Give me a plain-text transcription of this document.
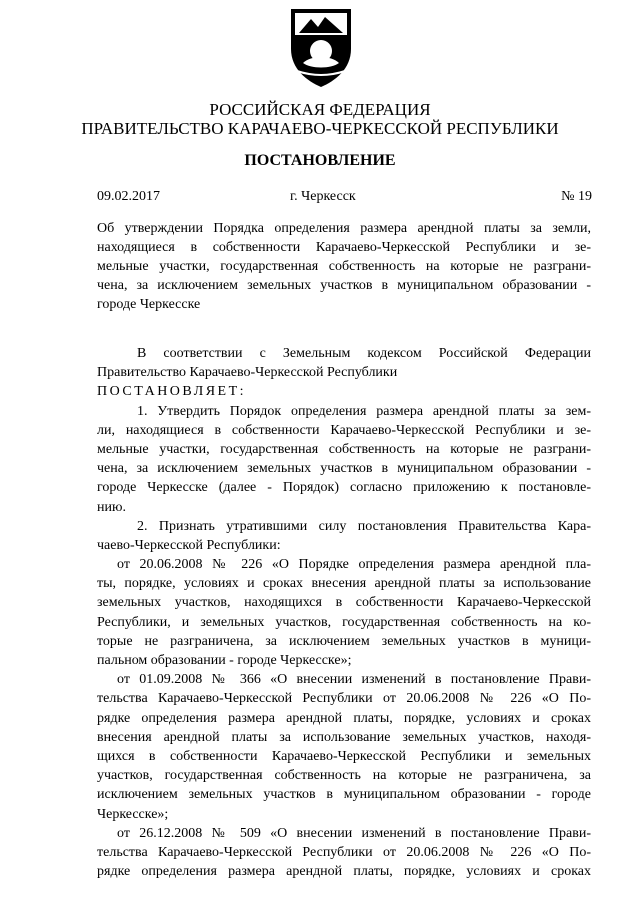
РОССИЙСКАЯ ФЕДЕРАЦИЯ
ПРАВИТЕЛЬСТВО КАРАЧАЕВО-ЧЕРКЕССКОЙ РЕСПУБЛИКИ
ПОСТАНОВЛЕНИЕ
09.02.2017	г. Черкесск	№ 19
Об утверждении Порядка определения размера арендной платы за земли,
находящиеся в собственности Карачаево-Черкесской Республики и зе-
мельные участки, государственная собственность на которые не разграни-
чена, за исключением земельных участков в муниципальном образовании -
городе Черкесске
В соответствии с Земельным кодексом Российской Федерации
Правительство Карачаево-Черкесской Республики
ПОСТАНОВЛЯЕТ:
1. Утвердить Порядок определения размера арендной платы за зем-
ли, находящиеся в собственности Карачаево-Черкесской Республики и зе-
мельные участки, государственная собственность на которые не разграни-
чена, за исключением земельных участков в муниципальном образовании -
городе Черкесске (далее - Порядок) согласно приложению к постановле-
нию.
2. Признать утратившими силу постановления Правительства Кара-
чаево-Черкесской Республики:
от 20.06.2008 № 226 «О Порядке определения размера арендной пла-
ты, порядке, условиях и сроках внесения арендной платы за использование
земельных участков, находящихся в собственности Карачаево-Черкесской
Республики, и земельных участков, государственная собственность на ко-
торые не разграничена, за исключением земельных участков в муници-
пальном образовании - городе Черкесске»;
от 01.09.2008 № 366 «О внесении изменений в постановление Прави-
тельства Карачаево-Черкесской Республики от 20.06.2008 № 226 «О По-
рядке определения размера арендной платы, порядке, условиях и сроках
внесения арендной платы за использование земельных участков, находя-
щихся в собственности Карачаево-Черкесской Республики и земельных
участков, государственная собственность на которые не разграничена, за
исключением земельных участков в муниципальном образовании - городе
Черкесске»;
от 26.12.2008 № 509 «О внесении изменений в постановление Прави-
тельства Карачаево-Черкесской Республики от 20.06.2008 № 226 «О По-
рядке определения размера арендной платы, порядке, условиях и сроках
